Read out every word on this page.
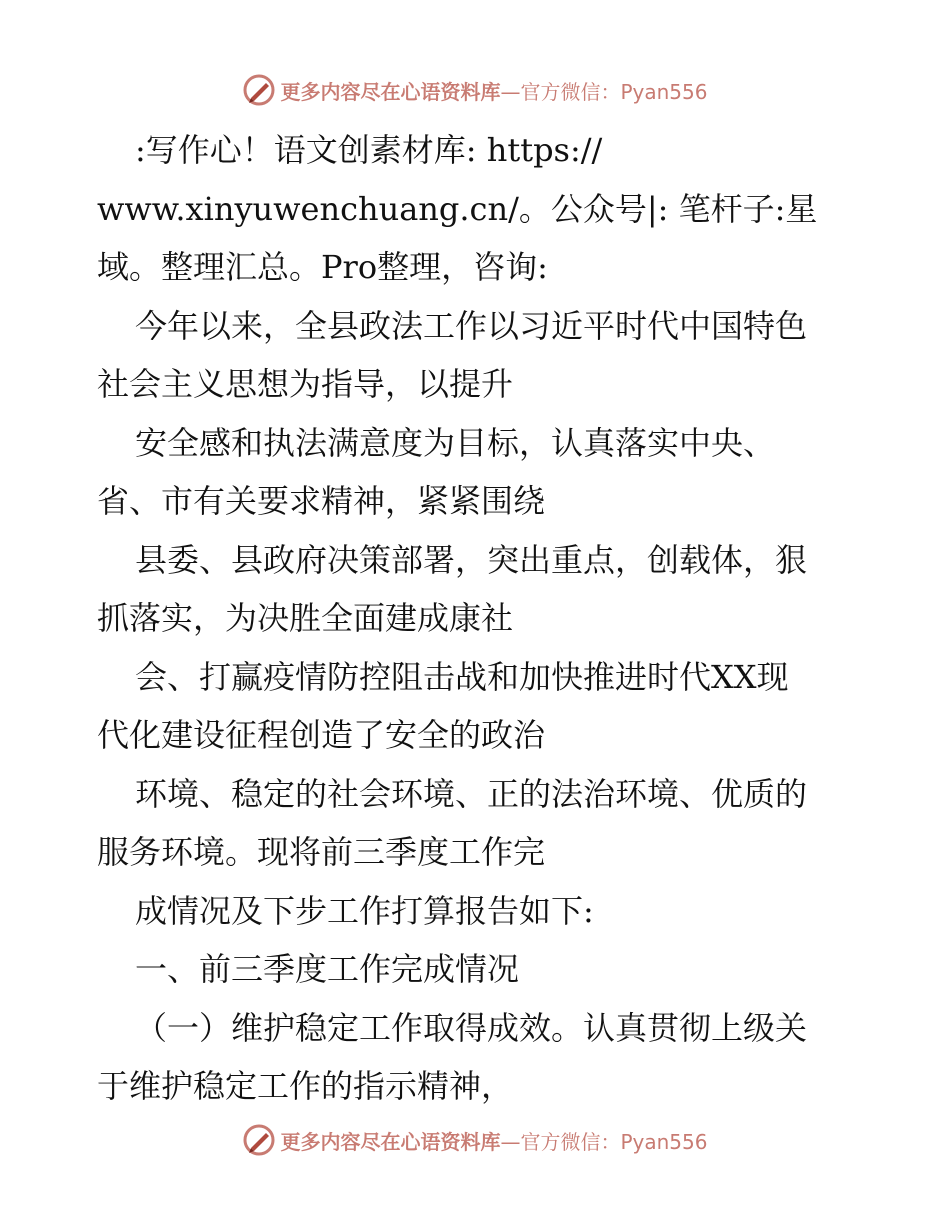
更多内容尽在心语资料库 —官方微信：Pyan556
:写作心！语文创素材库: https://
www.xinyuwenchuang.cn/。公众号|: 笔杆子:星
域。整理汇总。Pro整理，咨询:
今年以来，全县政法工作以习近平时代中国特色
社会主义思想为指导，以提升
安全感和执法满意度为目标，认真落实中央、
省、市有关要求精神，紧紧围绕
县委、县政府决策部署，突出重点，创载体，狠
抓落实，为决胜全面建成康社
会、打赢疫情防控阻击战和加快推进时代XX现
代化建设征程创造了安全的政治
环境、稳定的社会环境、正的法治环境、优质的
服务环境。现将前三季度工作完
成情况及下步工作打算报告如下:
一、前三季度工作完成情况
（一）维护稳定工作取得成效。认真贯彻上级关
于维护稳定工作的指示精神，
更多内容尽在心语资料库 —官方微信：Pyan556
